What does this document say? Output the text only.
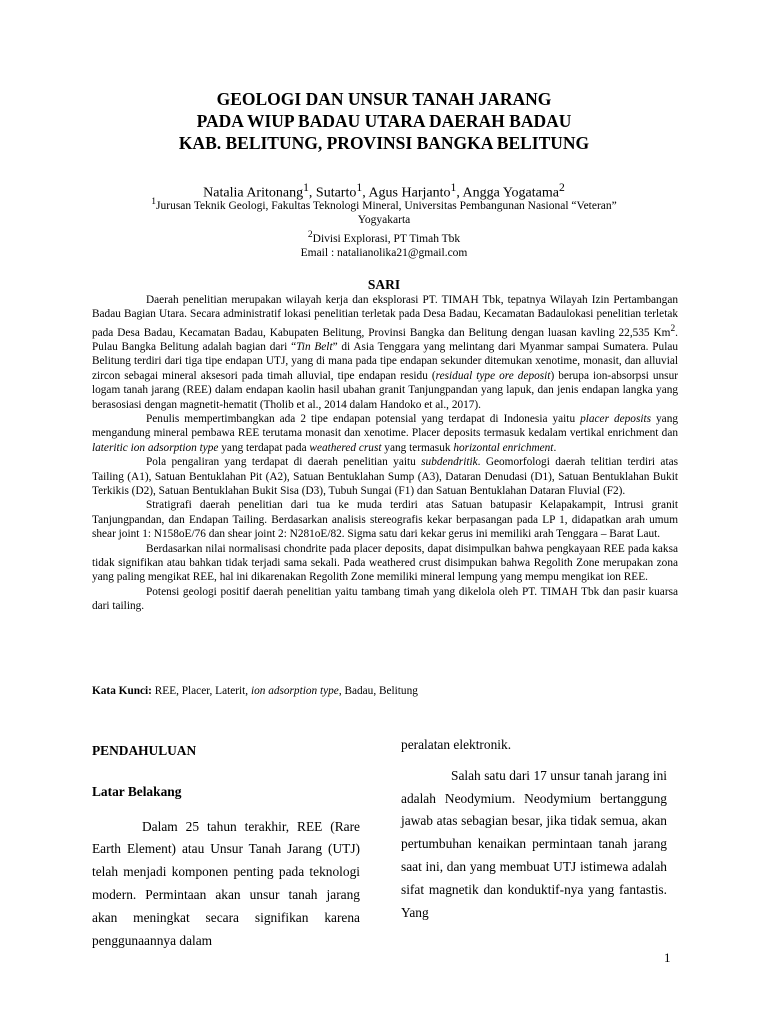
GEOLOGI DAN UNSUR TANAH JARANG
PADA WIUP BADAU UTARA DAERAH BADAU
KAB. BELITUNG, PROVINSI BANGKA BELITUNG
Natalia Aritonang$^1$, Sutarto$^1$, Agus Harjanto$^1$, Angga Yogatama$^2$
$^1$Jurusan Teknik Geologi, Fakultas Teknologi Mineral, Universitas Pembangunan Nasional “Veteran”
Yogyakarta
$^2$Divisi Explorasi, PT Timah Tbk
Email : natalianolika21@gmail.com
SARI

Daerah penelitian merupakan wilayah kerja dan eksplorasi PT. TIMAH Tbk, tepatnya Wilayah Izin Pertambangan Badau Bagian Utara. Secara administratif lokasi penelitian terletak pada Desa Badau, Kecamatan Badaulokasi penelitian terletak pada Desa Badau, Kecamatan Badau, Kabupaten Belitung, Provinsi Bangka dan Belitung dengan luasan kavling 22,535 Km$^2$. Pulau Bangka Belitung adalah bagian dari “Tin Belt” di Asia Tenggara yang melintang dari Myanmar sampai Sumatera. Pulau Belitung terdiri dari tiga tipe endapan UTJ, yang di mana pada tipe endapan sekunder ditemukan xenotime, monasit, dan alluvial zircon sebagai mineral aksesori pada timah alluvial, tipe endapan residu (residual type ore deposit) berupa ion-absorpsi unsur logam tanah jarang (REE) dalam endapan kaolin hasil ubahan granit Tanjungpandan yang lapuk, dan jenis endapan langka yang berasosiasi dengan magnetit-hematit (Tholib et al., 2014 dalam Handoko et al., 2017).

Penulis mempertimbangkan ada 2 tipe endapan potensial yang terdapat di Indonesia yaitu placer deposits yang mengandung mineral pembawa REE terutama monasit dan xenotime. Placer deposits termasuk kedalam vertikal enrichment dan lateritic ion adsorption type yang terdapat pada weathered crust yang termasuk horizontal enrichment.

Pola pengaliran yang terdapat di daerah penelitian yaitu subdendritik. Geomorfologi daerah telitian terdiri atas Tailing (A1), Satuan Bentuklahan Pit (A2), Satuan Bentuklahan Sump (A3), Dataran Denudasi (D1), Satuan Bentuklahan Bukit Terkikis (D2), Satuan Bentuklahan Bukit Sisa (D3), Tubuh Sungai (F1) dan Satuan Bentuklahan Dataran Fluvial (F2).

Stratigrafi daerah penelitian dari tua ke muda terdiri atas Satuan batupasir Kelapakampit, Intrusi granit Tanjungpandan, dan Endapan Tailing. Berdasarkan analisis stereografis kekar berpasangan pada LP 1, didapatkan arah umum shear joint 1: N158oE/76 dan shear joint 2: N281oE/82. Sigma satu dari kekar gerus ini memiliki arah Tenggara – Barat Laut.

Berdasarkan nilai normalisasi chondrite pada placer deposits, dapat disimpulkan bahwa pengkayaan REE pada kaksa tidak signifikan atau bahkan tidak terjadi sama sekali. Pada weathered crust disimpukan bahwa Regolith Zone merupakan zona yang paling mengikat REE, hal ini dikarenakan Regolith Zone memiliki mineral lempung yang mempu mengikat ion REE.

Potensi geologi positif daerah penelitian yaitu tambang timah yang dikelola oleh PT. TIMAH Tbk dan pasir kuarsa dari tailing.

Kata Kunci: REE, Placer, Laterit, ion adsorption type, Badau, Belitung

PENDAHULUAN

Latar Belakang

Dalam 25 tahun terakhir, REE (Rare Earth Element) atau Unsur Tanah Jarang (UTJ) telah menjadi komponen penting pada teknologi modern. Permintaan akan unsur tanah jarang akan meningkat secara signifikan karena penggunaannya dalam

peralatan elektronik.

Salah satu dari 17 unsur tanah jarang ini adalah Neodymium. Neodymium bertanggung jawab atas sebagian besar, jika tidak semua, akan pertumbuhan kenaikan permintaan tanah jarang saat ini, dan yang membuat UTJ istimewa adalah sifat magnetik dan konduktif-nya yang fantastis. Yang

1
